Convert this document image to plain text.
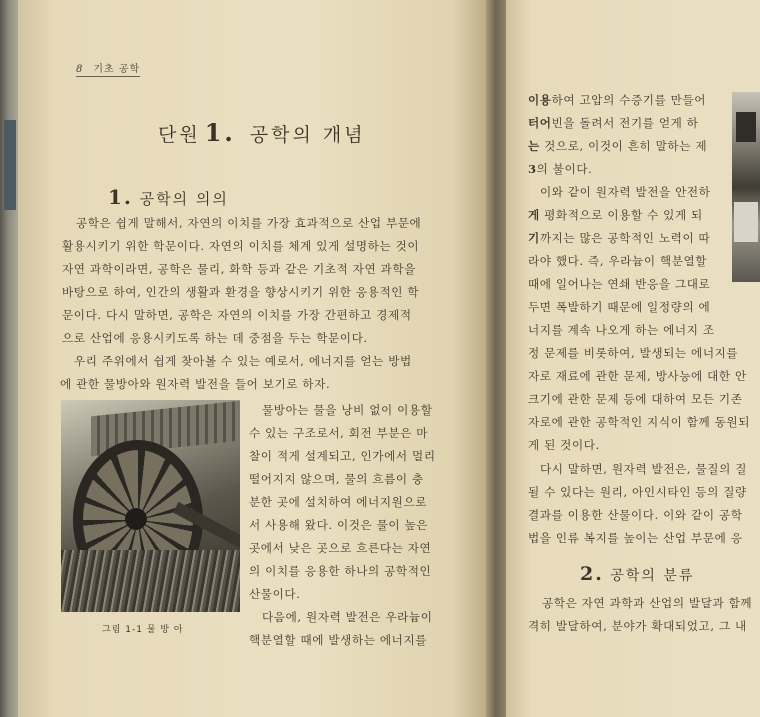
8 기초 공학
단원 1. 공학의 개념
1. 공학의 의의
공학은 쉽게 말해서, 자연의 이치를 가장 효과적으로 산업 부문에
활용시키기 위한 학문이다. 자연의 이치를 체계 있게 설명하는 것이
자연 과학이라면, 공학은 물리, 화학 등과 같은 기초적 자연 과학을
바탕으로 하여, 인간의 생활과 환경을 향상시키기 위한 응용적인 학
문이다. 다시 말하면, 공학은 자연의 이치를 가장 간편하고 경제적
으로 산업에 응용시키도록 하는 데 중점을 두는 학문이다.
우리 주위에서 쉽게 찾아볼 수 있는 예로서, 에너지를 얻는 방법
에 관한 물방아와 원자력 발전을 들어 보기로 하자.
물방아는 물을 낭비 없이 이용할
수 있는 구조로서, 회전 부분은 마
찰이 적게 설계되고, 인가에서 멀리
떨어지지 않으며, 물의 흐름이 충
분한 곳에 설치하여 에너지원으로
서 사용해 왔다. 이것은 물이 높은
곳에서 낮은 곳으로 흐른다는 자연
의 이치를 응용한 하나의 공학적인
산물이다.
다음에, 원자력 발전은 우라늄이
핵분열할 때에 발생하는 에너지를
그림 1-1 물 방 아
이용하여 고압의 수증기를 만들어
터어빈을 돌려서 전기를 얻게 하
는 것으로, 이것이 흔히 말하는 제
3의 불이다.
이와 같이 원자력 발전을 안전하
게 평화적으로 이용할 수 있게 되
기까지는 많은 공학적인 노력이 따
라야 했다. 즉, 우라늄이 핵분열할
때에 일어나는 연쇄 반응을 그대로
두면 폭발하기 때문에 일정량의 에
너지를 계속 나오게 하는 에너지 조
정 문제를 비롯하여, 발생되는 에너지를
자로 재료에 관한 문제, 방사능에 대한 안
크기에 관한 문제 등에 대하여 모든 기존
자로에 관한 공학적인 지식이 함께 동원되
게 된 것이다.
다시 말하면, 원자력 발전은, 물질의 질
될 수 있다는 원리, 아인시타인 등의 질량
결과를 이용한 산물이다. 이와 같이 공학
법을 인류 복지를 높이는 산업 부문에 응
2. 공학의 분류
공학은 자연 과학과 산업의 발달과 함께
격히 발달하여, 분야가 확대되었고, 그 내
